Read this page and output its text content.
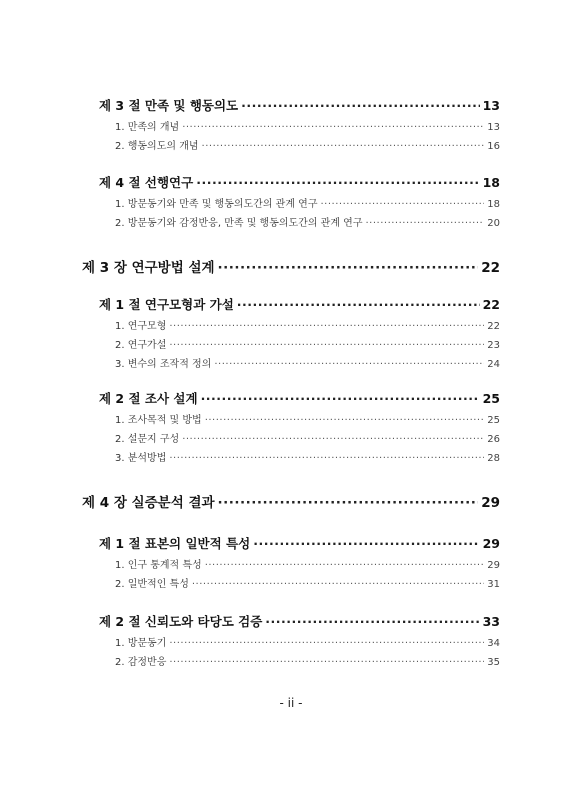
제 3 절 만족 및 행동의도 ·····	13
1. 만족의 개념 ·····	13
2. 행동의도의 개념 ·····	16
제 4 절 선행연구 ·····	18
1. 방문동기와 만족 및 행동의도간의 관계 연구 ·····	18
2. 방문동기와 감정반응, 만족 및 행동의도간의 관계 연구 ·····	20
제 3 장 연구방법 설계 ·····	22
제 1 절 연구모형과 가설 ·····	22
1. 연구모형 ·····	22
2. 연구가설 ·····	23
3. 변수의 조작적 정의 ·····	24
제 2 절 조사 설계 ·····	25
1. 조사목적 및 방법 ·····	25
2. 설문지 구성 ·····	26
3. 분석방법 ·····	28
제 4 장 실증분석 결과 ·····	29
제 1 절 표본의 일반적 특성 ·····	29
1. 인구 통계적 특성 ·····	29
2. 일반적인 특성 ·····	31
제 2 절 신뢰도와 타당도 검증 ·····	33
1. 방문동기 ·····	34
2. 감정반응 ·····	35
- ii -
